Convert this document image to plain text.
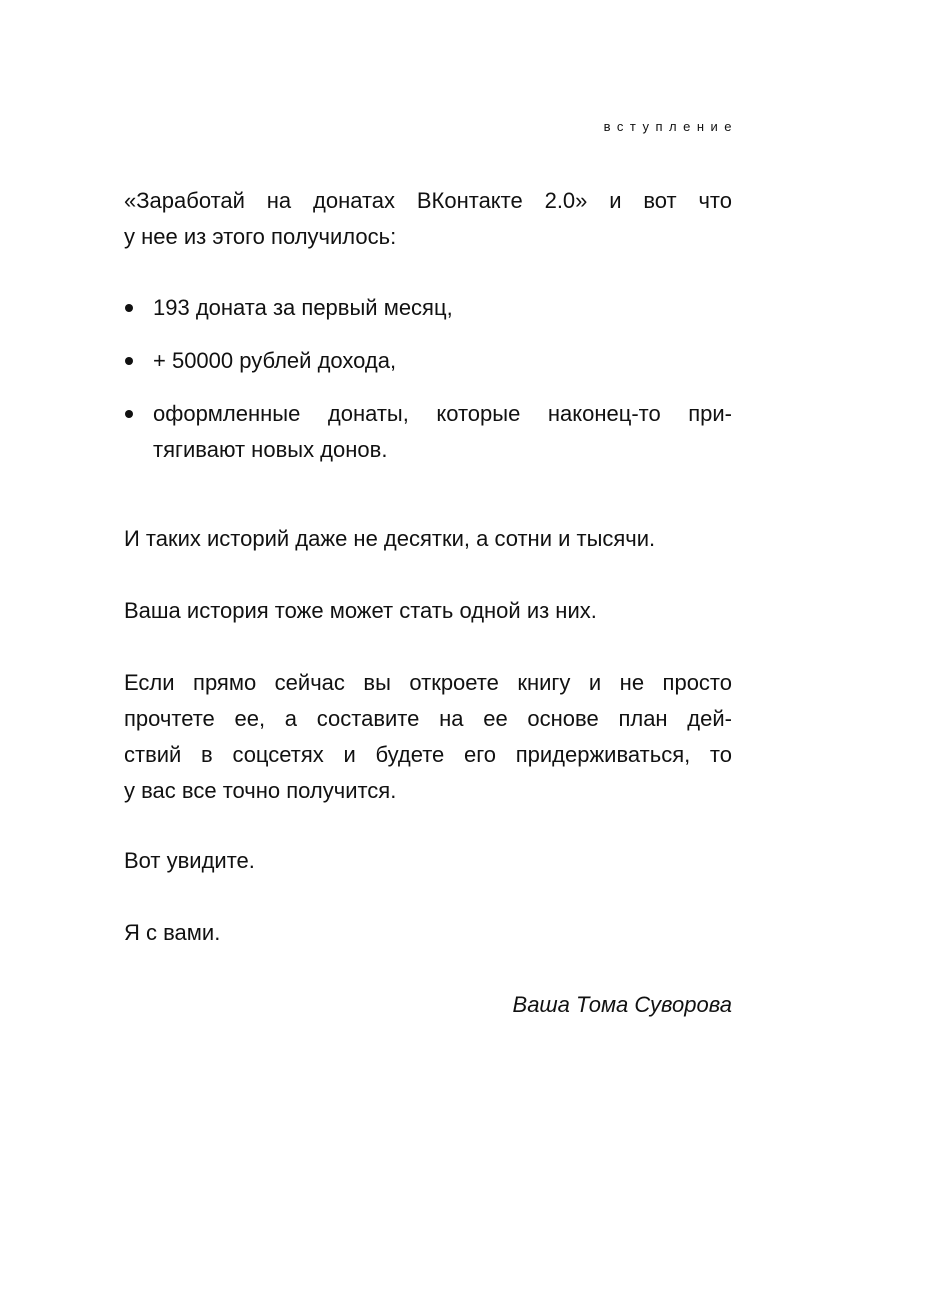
вступление

«Заработай на донатах ВКонтакте 2.0» и вот что
у нее из этого получилось:

193 доната за первый месяц,
+ 50000 рублей дохода,
оформленные донаты, которые наконец-то при-
тягивают новых донов.

И таких историй даже не десятки, а сотни и тысячи.

Ваша история тоже может стать одной из них.

Если прямо сейчас вы откроете книгу и не просто
прочтете ее, а составите на ее основе план дей-
ствий в соцсетях и будете его придерживаться, то
у вас все точно получится.

Вот увидите.

Я с вами.

Ваша Тома Суворова
